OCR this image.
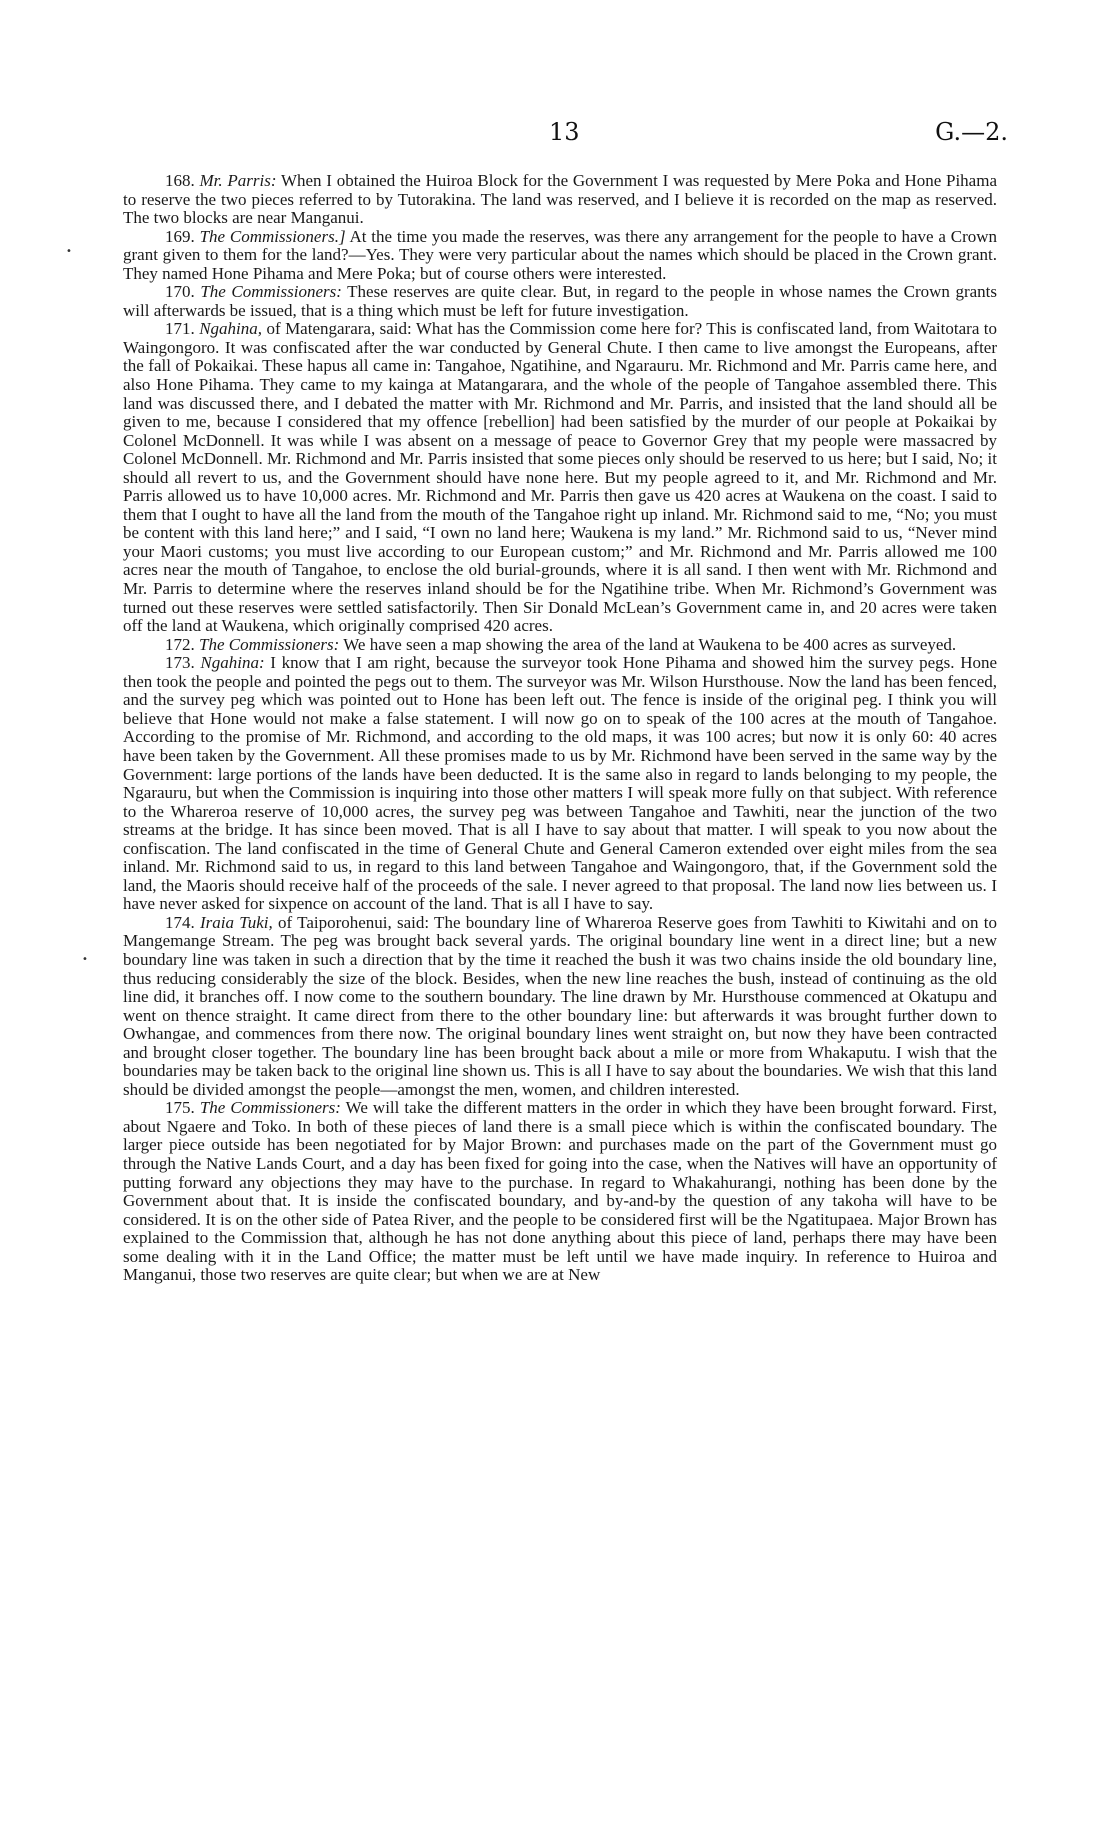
13	G.—2.
•
•

168. Mr. Parris: When I obtained the Huiroa Block for the Government I was requested by Mere Poka and Hone Pihama to reserve the two pieces referred to by Tutorakina. The land was reserved, and I believe it is recorded on the map as reserved. The two blocks are near Manganui.

169. The Commissioners.] At the time you made the reserves, was there any arrangement for the people to have a Crown grant given to them for the land?—Yes. They were very particular about the names which should be placed in the Crown grant. They named Hone Pihama and Mere Poka; but of course others were interested.

170. The Commissioners: These reserves are quite clear. But, in regard to the people in whose names the Crown grants will afterwards be issued, that is a thing which must be left for future investigation.

171. Ngahina, of Matengarara, said: What has the Commission come here for? This is confiscated land, from Waitotara to Waingongoro. It was confiscated after the war conducted by General Chute. I then came to live amongst the Europeans, after the fall of Pokaikai. These hapus all came in: Tangahoe, Ngatihine, and Ngarauru. Mr. Richmond and Mr. Parris came here, and also Hone Pihama. They came to my kainga at Matangarara, and the whole of the people of Tangahoe assembled there. This land was discussed there, and I debated the matter with Mr. Richmond and Mr. Parris, and insisted that the land should all be given to me, because I considered that my offence [rebellion] had been satisfied by the murder of our people at Pokaikai by Colonel McDonnell. It was while I was absent on a message of peace to Governor Grey that my people were massacred by Colonel McDonnell. Mr. Richmond and Mr. Parris insisted that some pieces only should be reserved to us here; but I said, No; it should all revert to us, and the Government should have none here. But my people agreed to it, and Mr. Richmond and Mr. Parris allowed us to have 10,000 acres. Mr. Richmond and Mr. Parris then gave us 420 acres at Waukena on the coast. I said to them that I ought to have all the land from the mouth of the Tangahoe right up inland. Mr. Richmond said to me, “No; you must be content with this land here;” and I said, “I own no land here; Waukena is my land.” Mr. Richmond said to us, “Never mind your Maori customs; you must live according to our European custom;” and Mr. Richmond and Mr. Parris allowed me 100 acres near the mouth of Tangahoe, to enclose the old burial-grounds, where it is all sand. I then went with Mr. Richmond and Mr. Parris to determine where the reserves inland should be for the Ngatihine tribe. When Mr. Richmond’s Government was turned out these reserves were settled satisfactorily. Then Sir Donald McLean’s Government came in, and 20 acres were taken off the land at Waukena, which originally comprised 420 acres.

172. The Commissioners: We have seen a map showing the area of the land at Waukena to be 400 acres as surveyed.

173. Ngahina: I know that I am right, because the surveyor took Hone Pihama and showed him the survey pegs. Hone then took the people and pointed the pegs out to them. The surveyor was Mr. Wilson Hursthouse. Now the land has been fenced, and the survey peg which was pointed out to Hone has been left out. The fence is inside of the original peg. I think you will believe that Hone would not make a false statement. I will now go on to speak of the 100 acres at the mouth of Tangahoe. According to the promise of Mr. Richmond, and according to the old maps, it was 100 acres; but now it is only 60: 40 acres have been taken by the Government. All these promises made to us by Mr. Richmond have been served in the same way by the Government: large portions of the lands have been deducted. It is the same also in regard to lands belonging to my people, the Ngarauru, but when the Commission is inquiring into those other matters I will speak more fully on that subject. With reference to the Whareroa reserve of 10,000 acres, the survey peg was between Tangahoe and Tawhiti, near the junction of the two streams at the bridge. It has since been moved. That is all I have to say about that matter. I will speak to you now about the confiscation. The land confiscated in the time of General Chute and General Cameron extended over eight miles from the sea inland. Mr. Richmond said to us, in regard to this land between Tangahoe and Waingongoro, that, if the Government sold the land, the Maoris should receive half of the proceeds of the sale. I never agreed to that proposal. The land now lies between us. I have never asked for sixpence on account of the land. That is all I have to say.

174. Iraia Tuki, of Taiporohenui, said: The boundary line of Whareroa Reserve goes from Tawhiti to Kiwitahi and on to Mangemange Stream. The peg was brought back several yards. The original boundary line went in a direct line; but a new boundary line was taken in such a direction that by the time it reached the bush it was two chains inside the old boundary line, thus reducing considerably the size of the block. Besides, when the new line reaches the bush, instead of continuing as the old line did, it branches off. I now come to the southern boundary. The line drawn by Mr. Hursthouse commenced at Okatupu and went on thence straight. It came direct from there to the other boundary line: but afterwards it was brought further down to Owhangae, and commences from there now. The original boundary lines went straight on, but now they have been contracted and brought closer together. The boundary line has been brought back about a mile or more from Whakaputu. I wish that the boundaries may be taken back to the original line shown us. This is all I have to say about the boundaries. We wish that this land should be divided amongst the people—amongst the men, women, and children interested.

175. The Commissioners: We will take the different matters in the order in which they have been brought forward. First, about Ngaere and Toko. In both of these pieces of land there is a small piece which is within the confiscated boundary. The larger piece outside has been negotiated for by Major Brown: and purchases made on the part of the Government must go through the Native Lands Court, and a day has been fixed for going into the case, when the Natives will have an opportunity of putting forward any objections they may have to the purchase. In regard to Whakahurangi, nothing has been done by the Government about that. It is inside the confiscated boundary, and by-and-by the question of any takoha will have to be considered. It is on the other side of Patea River, and the people to be considered first will be the Ngatitupaea. Major Brown has explained to the Commission that, although he has not done anything about this piece of land, perhaps there may have been some dealing with it in the Land Office; the matter must be left until we have made inquiry. In reference to Huiroa and Manganui, those two reserves are quite clear; but when we are at New
